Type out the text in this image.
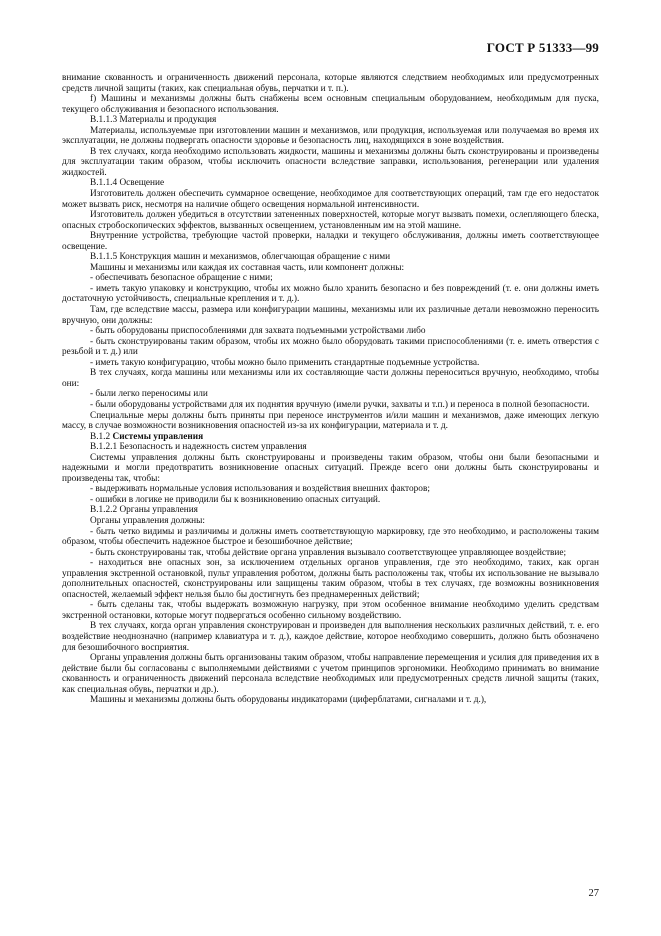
ГОСТ Р 51333—99

внимание скованность и ограниченность движений персонала, которые являются следствием необходимых или предусмотренных средств личной защиты (таких, как специальная обувь, перчатки и т. п.).

f) Машины и механизмы должны быть снабжены всем основным специальным оборудованием, необходимым для пуска, текущего обслуживания и безопасного использования.

B.1.1.3 Материалы и продукция

Материалы, используемые при изготовлении машин и механизмов, или продукция, используемая или получаемая во время их эксплуатации, не должны подвергать опасности здоровье и безопасность лиц, находящихся в зоне воздействия.

В тех случаях, когда необходимо использовать жидкости, машины и механизмы должны быть сконструированы и произведены для эксплуатации таким образом, чтобы исключить опасности вследствие заправки, использования, регенерации или удаления жидкостей.

B.1.1.4 Освещение

Изготовитель должен обеспечить суммарное освещение, необходимое для соответствующих операций, там где его недостаток может вызвать риск, несмотря на наличие общего освещения нормальной интенсивности.

Изготовитель должен убедиться в отсутствии затененных поверхностей, которые могут вызвать помехи, ослепляющего блеска, опасных стробоскопических эффектов, вызванных освещением, установленным им на этой машине.

Внутренние устройства, требующие частой проверки, наладки и текущего обслуживания, должны иметь соответствующее освещение.

B.1.1.5 Конструкция машин и механизмов, облегчающая обращение с ними

Машины и механизмы или каждая их составная часть, или компонент должны:

- обеспечивать безопасное обращение с ними;

- иметь такую упаковку и конструкцию, чтобы их можно было хранить безопасно и без повреждений (т. е. они должны иметь достаточную устойчивость, специальные крепления и т. д.).

Там, где вследствие массы, размера или конфигурации машины, механизмы или их различные детали невозможно переносить вручную, они должны:

- быть оборудованы приспособлениями для захвата подъемными устройствами либо

- быть сконструированы таким образом, чтобы их можно было оборудовать такими приспособлениями (т. е. иметь отверстия с резьбой и т. д.) или

- иметь такую конфигурацию, чтобы можно было применить стандартные подъемные устройства.

В тех случаях, когда машины или механизмы или их составляющие части должны переноситься вручную, необходимо, чтобы они:

- были легко переносимы или

- были оборудованы устройствами для их поднятия вручную (имели ручки, захваты и т.п.) и переноса в полной безопасности.

Специальные меры должны быть приняты при переносе инструментов и/или машин и механизмов, даже имеющих легкую массу, в случае возможности возникновения опасностей из-за их конфигурации, материала и т. д.

В.1.2 Системы управления

В.1.2.1 Безопасность и надежность систем управления

Системы управления должны быть сконструированы и произведены таким образом, чтобы они были безопасными и надежными и могли предотвратить возникновение опасных ситуаций. Прежде всего они должны быть сконструированы и произведены так, чтобы:

- выдерживать нормальные условия использования и воздействия внешних факторов;

- ошибки в логике не приводили бы к возникновению опасных ситуаций.

В.1.2.2 Органы управления

Органы управления должны:

- быть четко видимы и различимы и должны иметь соответствующую маркировку, где это необходимо, и расположены таким образом, чтобы обеспечить надежное быстрое и безошибочное действие;

- быть сконструированы так, чтобы действие органа управления вызывало соответствующее управляющее воздействие;

- находиться вне опасных зон, за исключением отдельных органов управления, где это необходимо, таких, как орган управления экстренной остановкой, пульт управления роботом, должны быть расположены так, чтобы их использование не вызывало дополнительных опасностей, сконструированы или защищены таким образом, чтобы в тех случаях, где возможны возникновения опасностей, желаемый эффект нельзя было бы достигнуть без преднамеренных действий;

- быть сделаны так, чтобы выдержать возможную нагрузку, при этом особенное внимание необходимо уделить средствам экстренной остановки, которые могут подвергаться особенно сильному воздействию.

В тех случаях, когда орган управления сконструирован и произведен для выполнения нескольких различных действий, т. е. его воздействие неоднозначно (например клавиатура и т. д.), каждое действие, которое необходимо совершить, должно быть обозначено для безошибочного восприятия.

Органы управления должны быть организованы таким образом, чтобы направление перемещения и усилия для приведения их в действие были бы согласованы с выполняемыми действиями с учетом принципов эргономики. Необходимо принимать во внимание скованность и ограниченность движений персонала вследствие необходимых или предусмотренных средств личной защиты (таких, как специальная обувь, перчатки и др.).

Машины и механизмы должны быть оборудованы индикаторами (циферблатами, сигналами и т. д.),

27
